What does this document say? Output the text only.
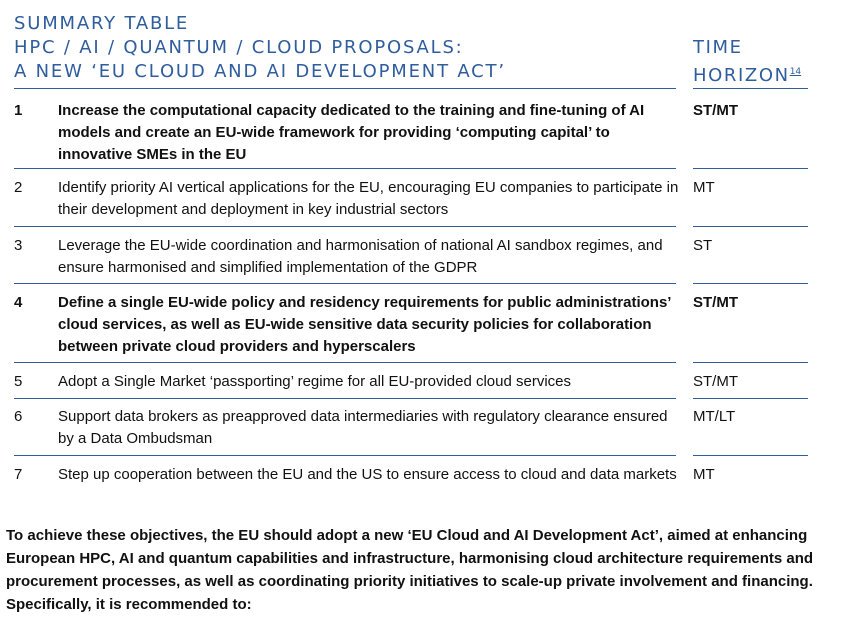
SUMMARY TABLE
HPC / AI / QUANTUM / CLOUD PROPOSALS:
A NEW ‘EU CLOUD AND AI DEVELOPMENT ACT’
TIME
HORIZON$^{14}$
1 Increase the computational capacity dedicated to the training and fine-tuning of AI models and create an EU-wide framework for providing ‘computing capital’ to innovative SMEs in the EU
ST/MT
2 Identify priority AI vertical applications for the EU, encouraging EU companies to participate in their development and deployment in key industrial sectors
MT
3 Leverage the EU-wide coordination and harmonisation of national AI sandbox regimes, and ensure harmonised and simplified implementation of the GDPR
ST
4 Define a single EU-wide policy and residency requirements for public administrations’ cloud services, as well as EU-wide sensitive data security policies for collaboration between private cloud providers and hyperscalers
ST/MT
5 Adopt a Single Market ‘passporting’ regime for all EU-provided cloud services	ST/MT
6 Support data brokers as preapproved data intermediaries with regulatory clearance ensured by a Data Ombudsman
MT/LT
7 Step up cooperation between the EU and the US to ensure access to cloud and data markets MT

To achieve these objectives, the EU should adopt a new ‘EU Cloud and AI Development Act’, aimed at enhancing European HPC, AI and quantum capabilities and infrastructure, harmonising cloud architecture requirements and procurement processes, as well as coordinating priority initiatives to scale-up private involvement and financing. Specifically, it is recommended to:
